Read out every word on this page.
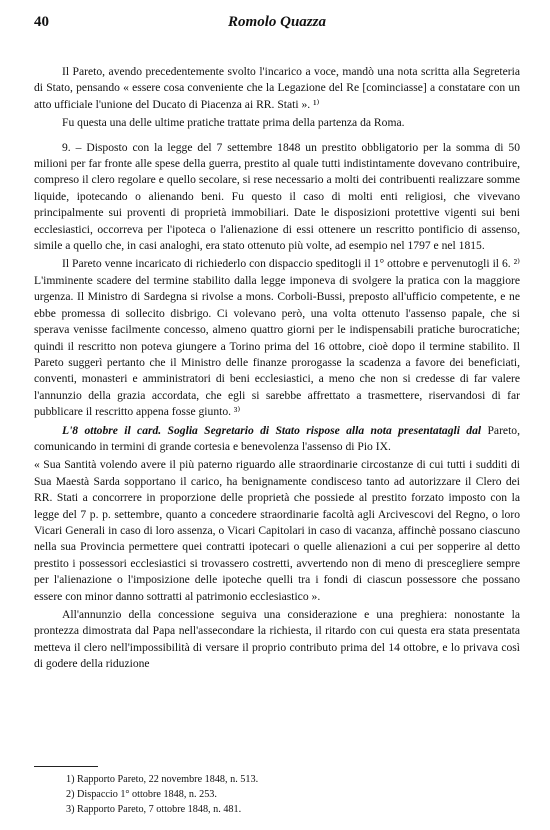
40	Romolo Quazza

Il Pareto, avendo precedentemente svolto l'incarico a voce, mandò una nota scritta alla Segreteria di Stato, pensando « essere cosa conveniente che la Legazione del Re [cominciasse] a constatare con un atto ufficiale l'unione del Ducato di Piacenza ai RR. Stati ». ¹⁾

Fu questa una delle ultime pratiche trattate prima della partenza da Roma.

9. – Disposto con la legge del 7 settembre 1848 un prestito obbligatorio per la somma di 50 milioni per far fronte alle spese della guerra, prestito al quale tutti indistintamente dovevano contribuire, compreso il clero regolare e quello secolare, si rese necessario a molti dei contribuenti realizzare somme liquide, ipotecando o alienando beni. Fu questo il caso di molti enti religiosi, che vivevano principalmente sui proventi di proprietà immobiliari. Date le disposizioni protettive vigenti sui beni ecclesiastici, occorreva per l'ipoteca o l'alienazione di essi ottenere un rescritto pontificio di assenso, simile a quello che, in casi analoghi, era stato ottenuto più volte, ad esempio nel 1797 e nel 1815.

Il Pareto venne incaricato di richiederlo con dispaccio speditogli il 1° ottobre e pervenutogli il 6. ²⁾ L'imminente scadere del termine stabilito dalla legge imponeva di svolgere la pratica con la maggiore urgenza. Il Ministro di Sardegna si rivolse a mons. Corboli-Bussi, preposto all'ufficio competente, e ne ebbe promessa di sollecito disbrigo. Ci volevano però, una volta ottenuto l'assenso papale, che si sperava venisse facilmente concesso, almeno quattro giorni per le indispensabili pratiche burocratiche; quindi il rescritto non poteva giungere a Torino prima del 16 ottobre, cioè dopo il termine stabilito. Il Pareto suggerì pertanto che il Ministro delle finanze prorogasse la scadenza a favore dei beneficiati, conventi, monasteri e amministratori di beni ecclesiastici, a meno che non si credesse di far valere l'annunzio della grazia accordata, che egli si sarebbe affrettato a trasmettere, riservandosi di far pubblicare il rescritto appena fosse giunto. ³⁾

L'8 ottobre il card. Soglia Segretario di Stato rispose alla nota presentatagli dal Pareto, comunicando in termini di grande cortesia e benevolenza l'assenso di Pio IX.

« Sua Santità volendo avere il più paterno riguardo alle straordinarie circostanze di cui tutti i sudditi di Sua Maestà Sarda sopportano il carico, ha benignamente condisceso tanto ad autorizzare il Clero dei RR. Stati a concorrere in proporzione delle proprietà che possiede al prestito forzato imposto con la legge del 7 p. p. settembre, quanto a concedere straordinarie facoltà agli Arcivescovi del Regno, o loro Vicari Generali in caso di loro assenza, o Vicari Capitolari in caso di vacanza, affinchè possano ciascuno nella sua Provincia permettere quei contratti ipotecari o quelle alienazioni a cui per sopperire al detto prestito i possessori ecclesiastici si trovassero costretti, avvertendo non di meno di prescegliere sempre per l'alienazione o l'imposizione delle ipoteche quelli tra i fondi di ciascun possessore che possano essere con minor danno sottratti al patrimonio ecclesiastico ».

All'annunzio della concessione seguiva una considerazione e una preghiera: nonostante la prontezza dimostrata dal Papa nell'assecondare la richiesta, il ritardo con cui questa era stata presentata metteva il clero nell'impossibilità di versare il proprio contributo prima del 14 ottobre, e lo privava così di godere della riduzione

1) Rapporto Pareto, 22 novembre 1848, n. 513.
2) Dispaccio 1° ottobre 1848, n. 253.
3) Rapporto Pareto, 7 ottobre 1848, n. 481.
